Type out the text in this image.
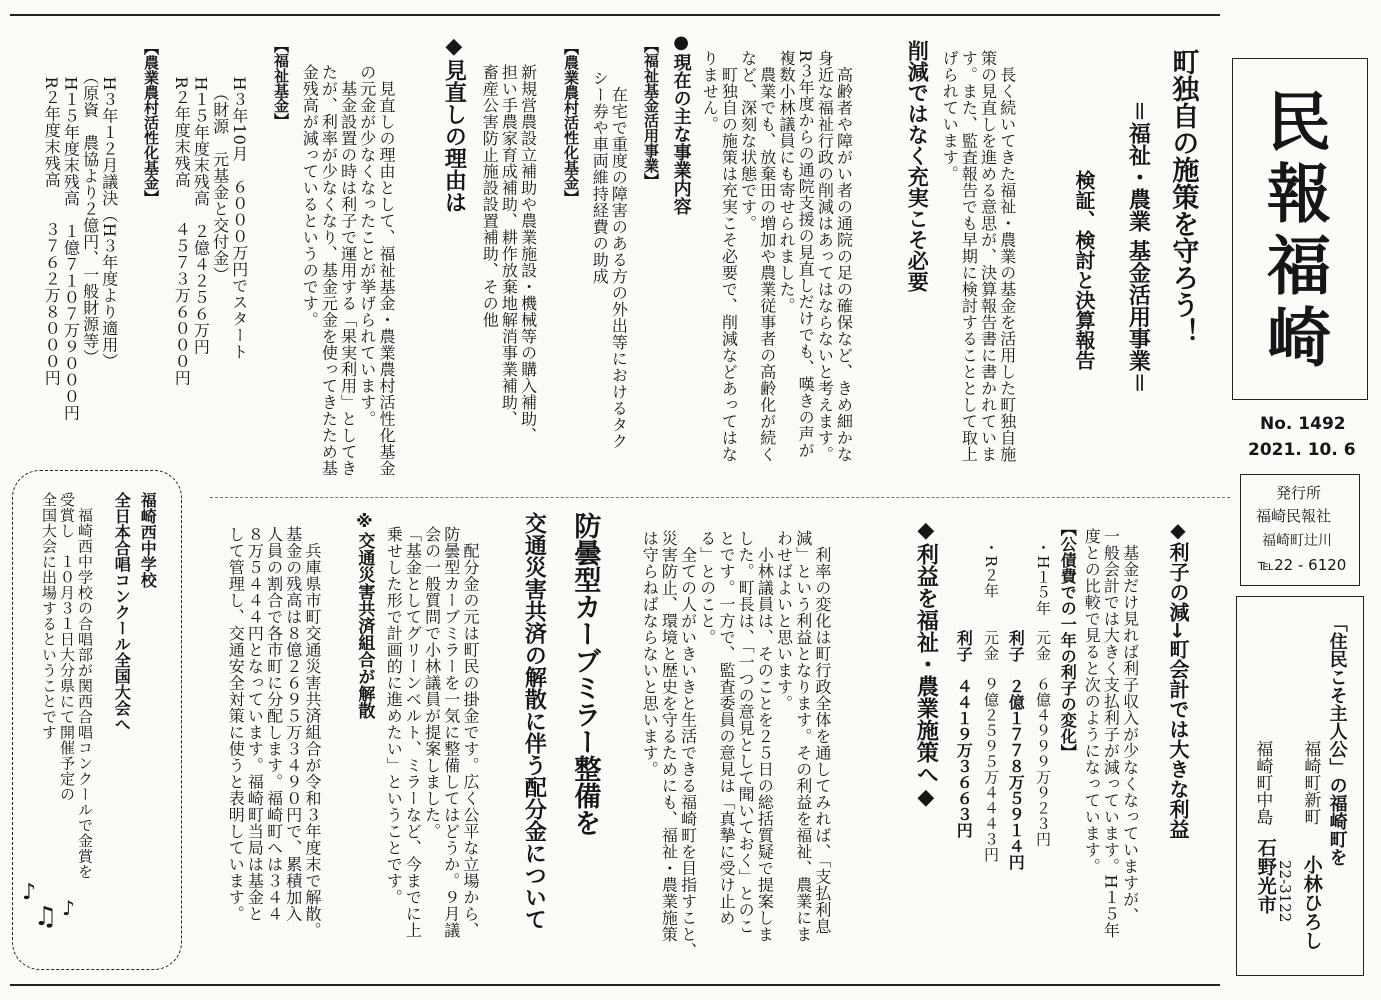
民報福崎
No. 1492
2021. 10. 6
発行所
福崎民報社
福崎町辻川
℡22 - 6120
「住民こそ主人公」の福崎町を
福崎町新町
小林ひろし
福崎町中島
石野光市 22-3122
町独自の施策を守ろう！
＝福祉・農業 基金活用事業＝
検証、検討と決算報告
　長く続いてきた福祉・農業の基金を活用した町独自施
策の見直しを進める意思が、決算報告書に書かれていま
す。また、監査報告でも早期に検討することとして取上
げられています。
削減ではなく充実こそ必要
　高齢者や障がい者の通院の足の確保など、きめ細かな
身近な福祉行政の削減はあってはならないと考えます。
R３年度からの通院支援の見直しだけでも、嘆きの声が
複数小林議員にも寄せられました。
　農業でも、放棄田の増加や農業従事者の高齢化が続く
など、深刻な状態です。
　町独自の施策は充実こそ必要で、削減などあってはな
りません。
●現在の主な事業内容
【福祉基金活用事業】
　在宅で重度の障害のある方の外出等におけるタク
シー券や車両維持経費の助成
【農業農村活性化基金】
新規営農設立補助や農業施設・機械等の購入補助、
担い手農家育成補助、耕作放棄地解消事業補助、
畜産公害防止施設設置補助、その他
◆見直しの理由は
　見直しの理由として、福祉基金・農業農村活性化基金
の元金が少なくなったことが挙げられています。
　基金設置の時は利子で運用する「果実利用」としてき
たが、利率が少なくなり、基金元金を使ってきたため基
金残高が減っているというのです。
【福祉基金】
　H３年10月　６０００万円でスタート
　　（財源　元基金と交付金）
　H１５年度末残高　２億４２５６万円
　R２年度末残高　　４５７３万６０００円
【農業農村活性化基金】
　H３年１２月議決（H３年度より適用）
　（原資　農協より２億円、一般財源等）
　H１５年度末残高　１億７１０７万９０００円
　R２年度末残高　　３７６２万８０００円
◆利子の減→町会計では大きな利益
　基金だけ見れば利子収入が少なくなっていますが、
一般会計では大きく支払利子が減っています。H１５年
度との比較で見ると次のようになっています。
【公債費での一年の利子の変化】
・H１５年
元金　６億４９９９万９２３円
利子　２億１７７８万５９１４円
・R２年
元金　９億２５９５万４４４３円
利子　４４１９万３６６３円
◆利益を福祉・農業施策へ◆
　利率の変化は町行政全体を通してみれば、「支払利息
減」という利益となります。その利益を福祉、農業にま
わせばよいと思います。
　小林議員は、そのことを２５日の総括質疑で提案しま
した。町長は、「一つの意見として聞いておく」とのこ
とです。一方で、監査委員の意見は「真摯に受け止め
る」とのこと。
　全ての人がいきいきと生活できる福崎町を目指すこと、
災害防止、環境と歴史を守るためにも、福祉・農業施策
は守らねばならないと思います。
防曇型カーブミラー整備を
交通災害共済の解散に伴う配分金について
　配分金の元は町民の掛金です。広く公平な立場から、
防曇型カーブミラーを一気に整備してはどうか。９月議
会の一般質問で小林議員が提案しました。
「基金としてグリーンベルト、ミラーなど、今までに上
乗せした形で計画的に進めたい」ということです。
※交通災害共済組合が解散
　兵庫県市町交通災害共済組合が令和３年度末で解散。
基金の残高は８億２６９５万３４９０円で、累積加入
人員の割合で各市町に分配します。福崎町へは３４４
８万５４４４円となっています。福崎町当局は基金と
して管理し、交通安全対策に使うと表明しています。
福崎西中学校
全日本合唱コンクール全国大会へ
　福崎西中学校の合唱部が関西合唱コンクールで金賞を
受賞し　１０月３１日大分県にて開催予定の
全国大会に出場するということです
♪
♫ ♪
